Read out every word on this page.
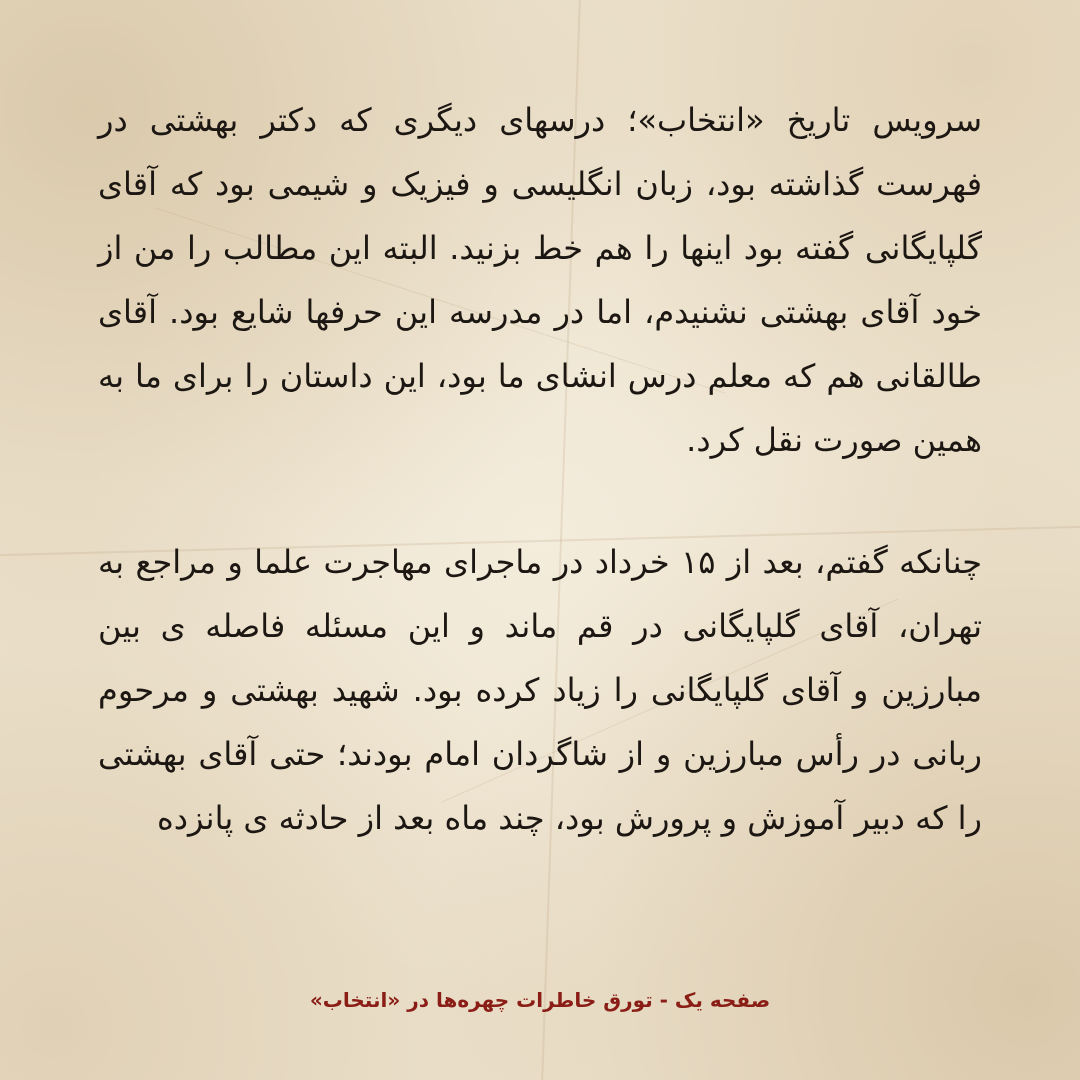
سرویس تاریخ «انتخاب»؛ درسهای دیگری که دکتر بهشتی در فهرست گذاشته بود، زبان انگلیسی و فیزیک و شیمی بود که آقای گلپایگانی گفته بود اینها را هم خط بزنید. البته این مطالب را من از خود آقای بهشتی نشنیدم، اما در مدرسه این حرفها شایع بود. آقای طالقانی هم که معلم درس انشای ما بود، این داستان را برای ما به همین صورت نقل کرد.

چنانکه گفتم، بعد از ۱۵ خرداد در ماجرای مهاجرت علما و مراجع به تهران، آقای گلپایگانی در قم ماند و این مسئله فاصله ی بین مبارزین و آقای گلپایگانی را زیاد کرده بود. شهید بهشتی و مرحوم ربانی در رأس مبارزین و از شاگردان امام بودند؛ حتی آقای بهشتی را که دبیر آموزش و پرورش بود، چند ماه بعد از حادثه ی پانزده

صفحه یک - تورق خاطرات چهره‌ها در «انتخاب»
